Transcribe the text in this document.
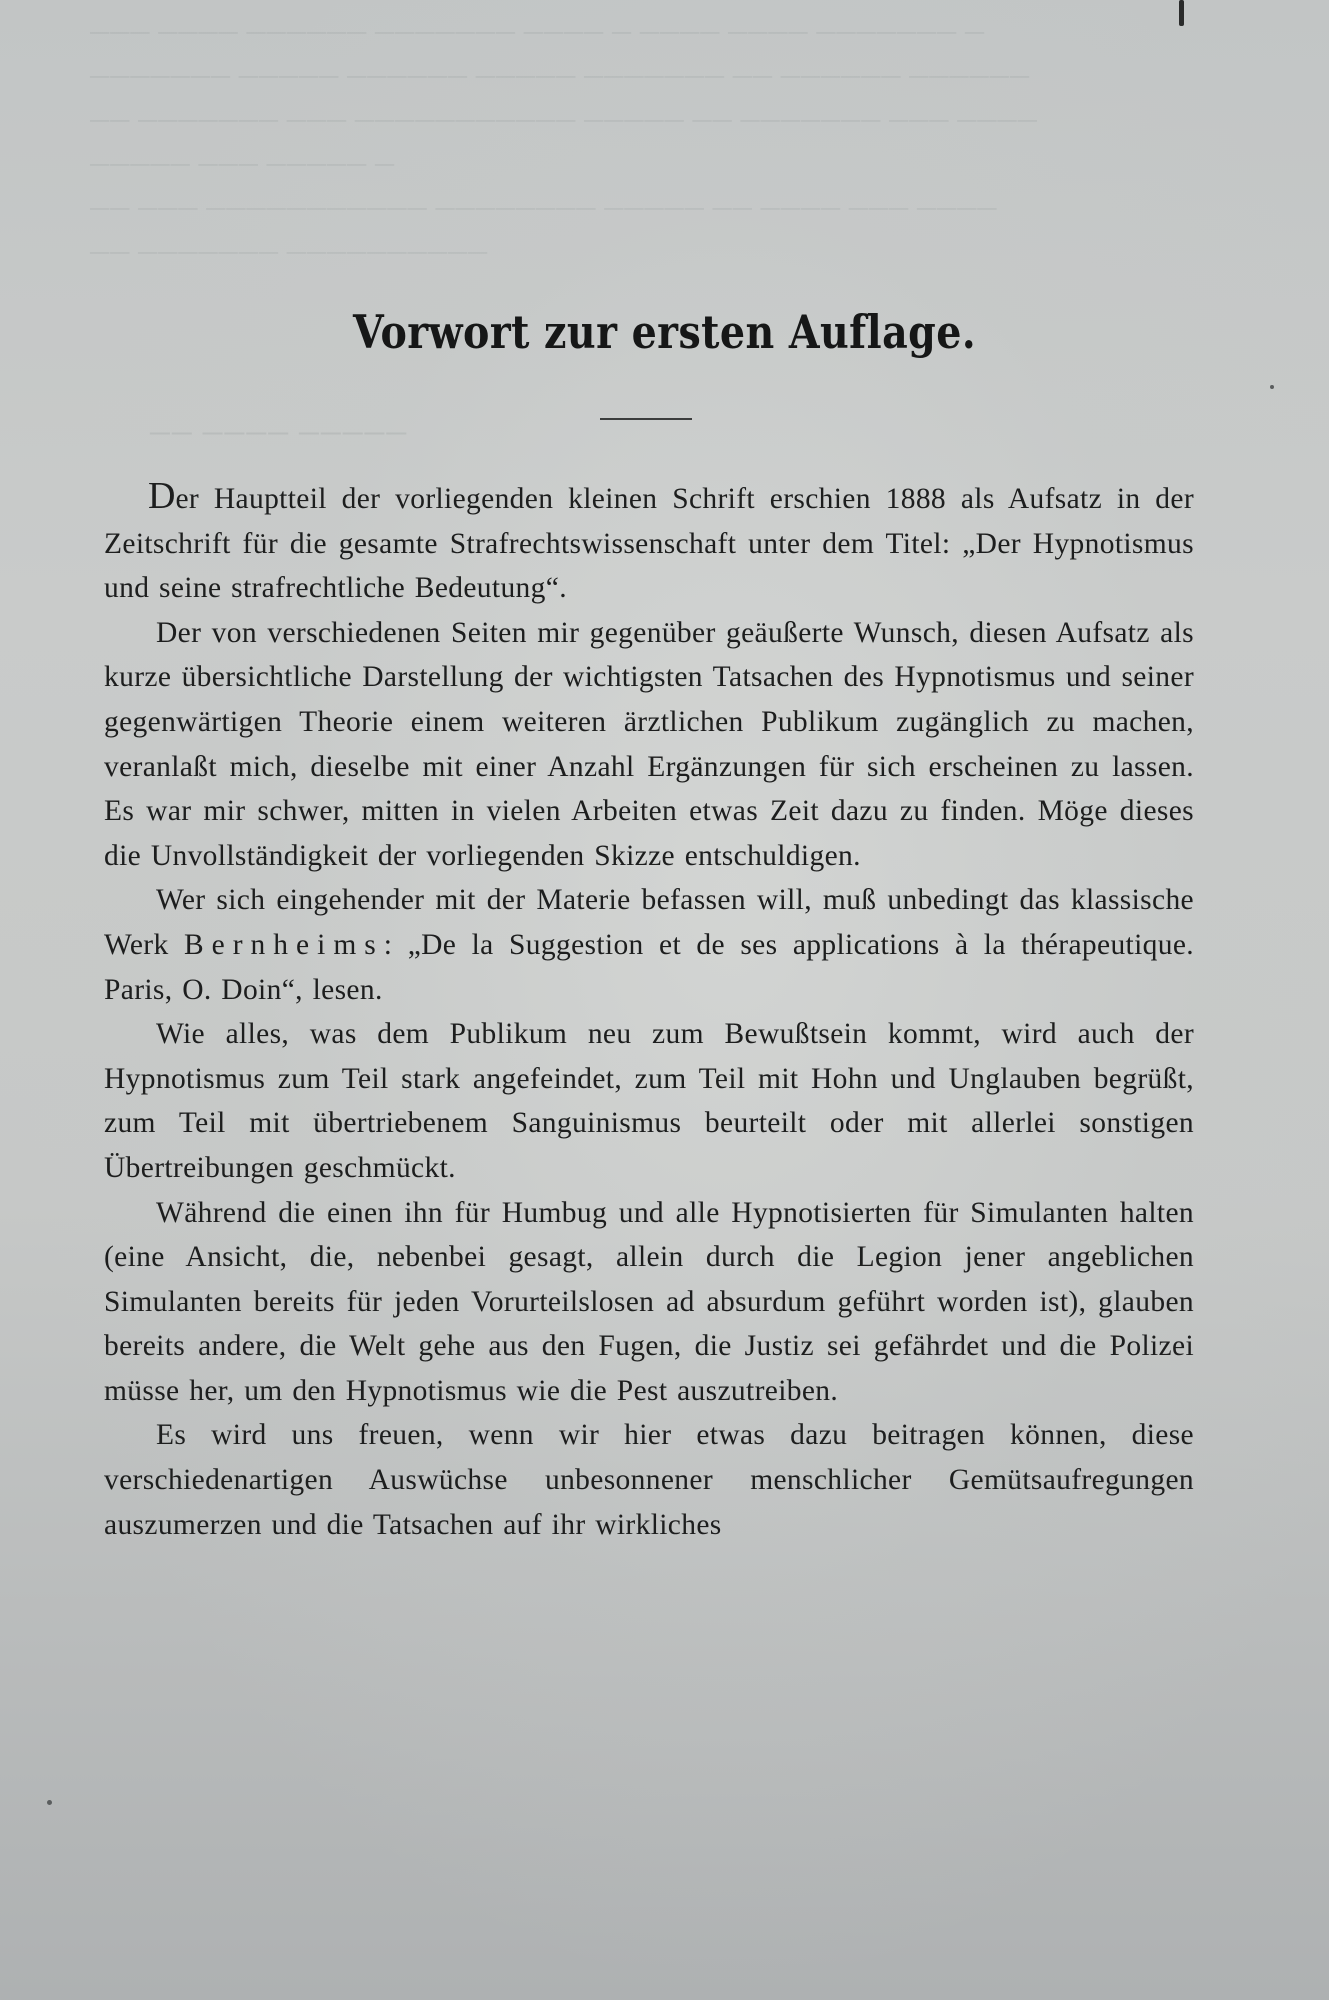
─── ──── ────── ─────── ──── ─ ──── ──── ─────── ─
─────── ───── ────── ───── ─────── ── ────── ──────
── ─────── ─── ─────────── ───── ── ─────── ─── ────
───── ─── ───── ─
── ─── ─────────── ──────── ───── ── ──── ─── ────
── ─────── ──────────
── ──── ─────
Vorwort zur ersten Auflage.

Der Hauptteil der vorliegenden kleinen Schrift erschien 1888 als Aufsatz in der Zeitschrift für die gesamte Strafrechtswissenschaft unter dem Titel: „Der Hypnotismus und seine strafrechtliche Bedeutung“.

Der von verschiedenen Seiten mir gegenüber geäußerte Wunsch, diesen Aufsatz als kurze übersichtliche Darstellung der wichtigsten Tatsachen des Hypnotismus und seiner gegenwärtigen Theorie einem weiteren ärztlichen Publikum zugänglich zu machen, veranlaßt mich, dieselbe mit einer Anzahl Ergänzungen für sich erscheinen zu lassen. Es war mir schwer, mitten in vielen Arbeiten etwas Zeit dazu zu finden. Möge dieses die Unvollständigkeit der vorliegenden Skizze entschuldigen.

Wer sich eingehender mit der Materie befassen will, muß unbedingt das klassische Werk Bernheims: „De la Suggestion et de ses applications à la thérapeutique. Paris, O. Doin“, lesen.

Wie alles, was dem Publikum neu zum Bewußtsein kommt, wird auch der Hypnotismus zum Teil stark angefeindet, zum Teil mit Hohn und Unglauben begrüßt, zum Teil mit übertriebenem Sanguinismus beurteilt oder mit allerlei sonstigen Übertreibungen geschmückt.

Während die einen ihn für Humbug und alle Hypnotisierten für Simulanten halten (eine Ansicht, die, nebenbei gesagt, allein durch die Legion jener angeblichen Simulanten bereits für jeden Vorurteilslosen ad absurdum geführt worden ist), glauben bereits andere, die Welt gehe aus den Fugen, die Justiz sei gefährdet und die Polizei müsse her, um den Hypnotismus wie die Pest auszutreiben.

Es wird uns freuen, wenn wir hier etwas dazu beitragen können, diese verschiedenartigen Auswüchse unbesonnener menschlicher Gemütsaufregungen auszumerzen und die Tatsachen auf ihr wirkliches
